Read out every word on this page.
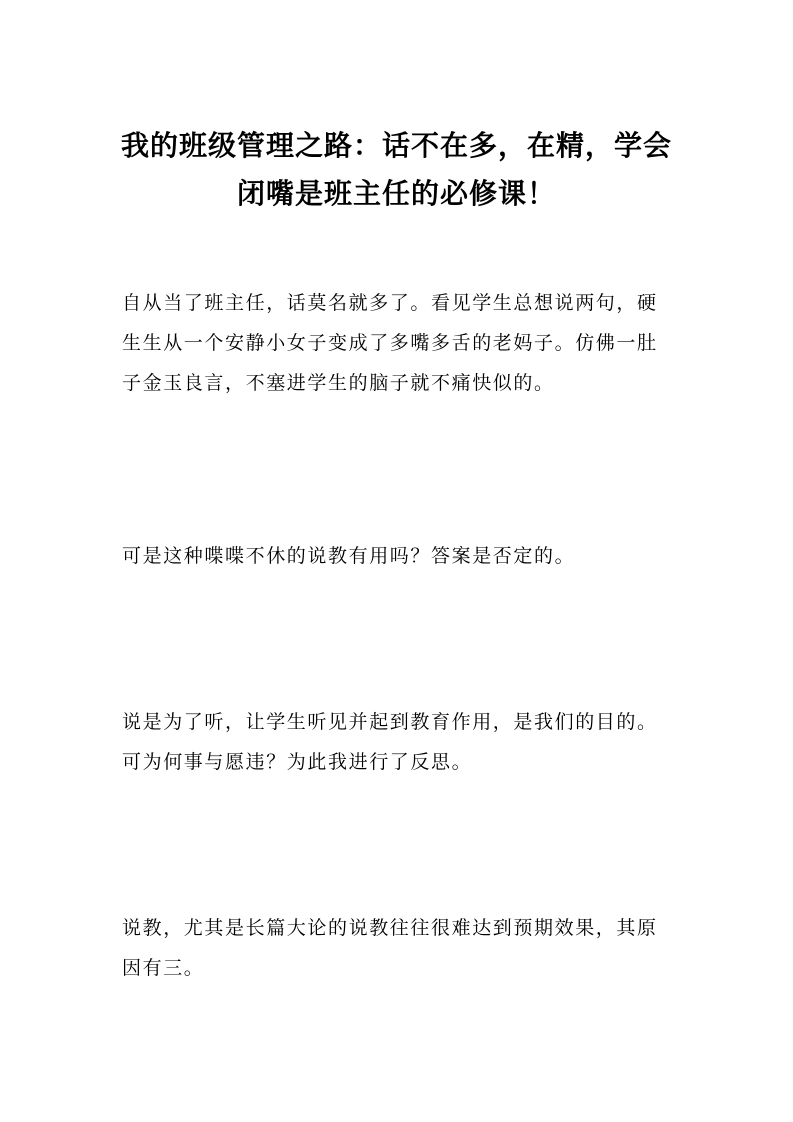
我的班级管理之路：话不在多，在精，学会
闭嘴是班主任的必修课！
自从当了班主任，话莫名就多了。看见学生总想说两句，硬
生生从一个安静小女子变成了多嘴多舌的老妈子。仿佛一肚
子金玉良言，不塞进学生的脑子就不痛快似的。
可是这种喋喋不休的说教有用吗？答案是否定的。
说是为了听，让学生听见并起到教育作用，是我们的目的。
可为何事与愿违？为此我进行了反思。
说教，尤其是长篇大论的说教往往很难达到预期效果，其原
因有三。
